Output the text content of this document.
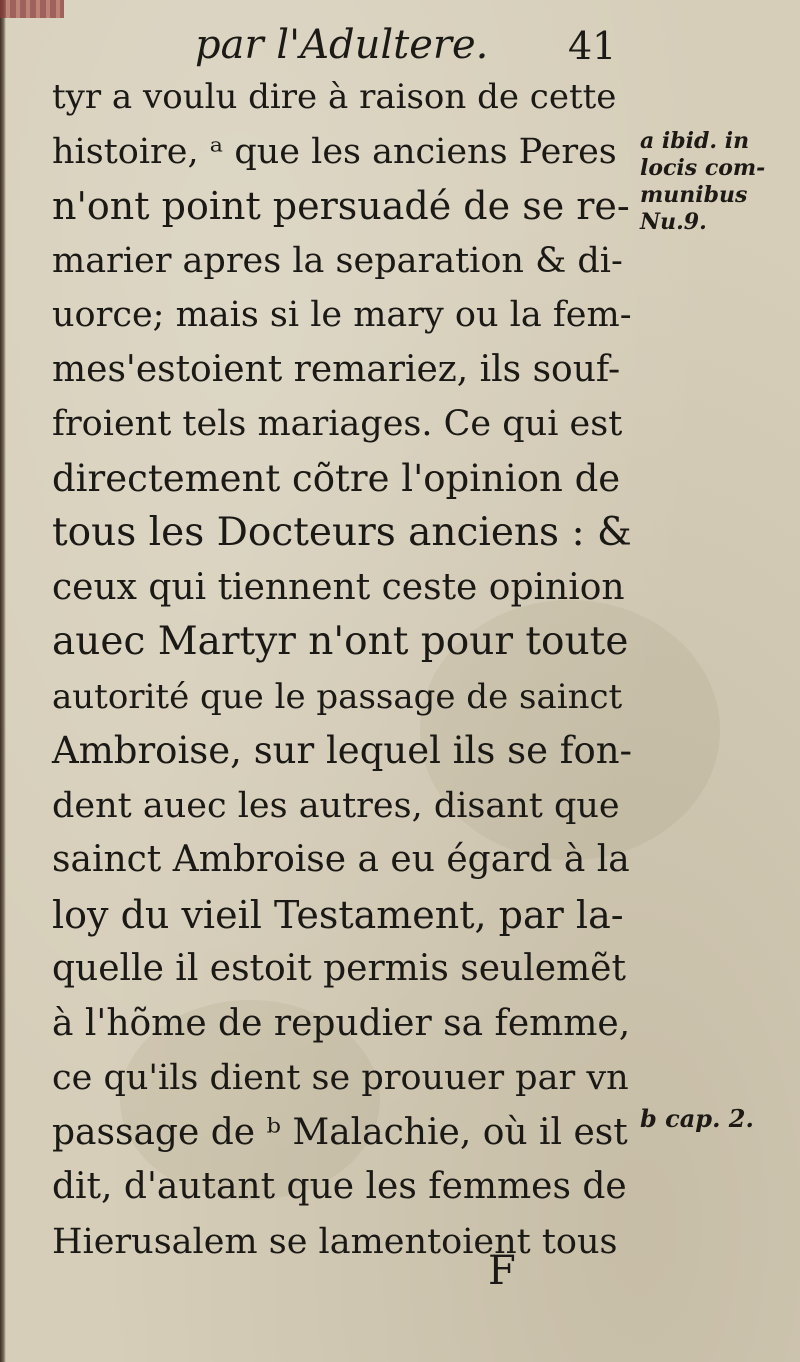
par l'Adultere. 41
tyr a voulu dire à raison de cette
histoire, ᵃ que les anciens Peres
n'ont point persuadé de se re-
marier apres la separation & di-
uorce; mais si le mary ou la fem-
mes'estoient remariez, ils souf-
froient tels mariages. Ce qui est
directement cõtre l'opinion de
tous les Docteurs anciens : &
ceux qui tiennent ceste opinion
auec Martyr n'ont pour toute
autorité que le passage de sainct
Ambroise, sur lequel ils se fon-
dent auec les autres, disant que
sainct Ambroise a eu égard à la
loy du vieil Testament, par la-
quelle il estoit permis seulemẽt
à l'hõme de repudier sa femme,
ce qu'ils dient se prouuer par vn
passage de ᵇ Malachie, où il est
dit, d'autant que les femmes de
Hierusalem se lamentoient tous
a ibid. in locis com- munibus Nu.9.
b cap. 2.
F
